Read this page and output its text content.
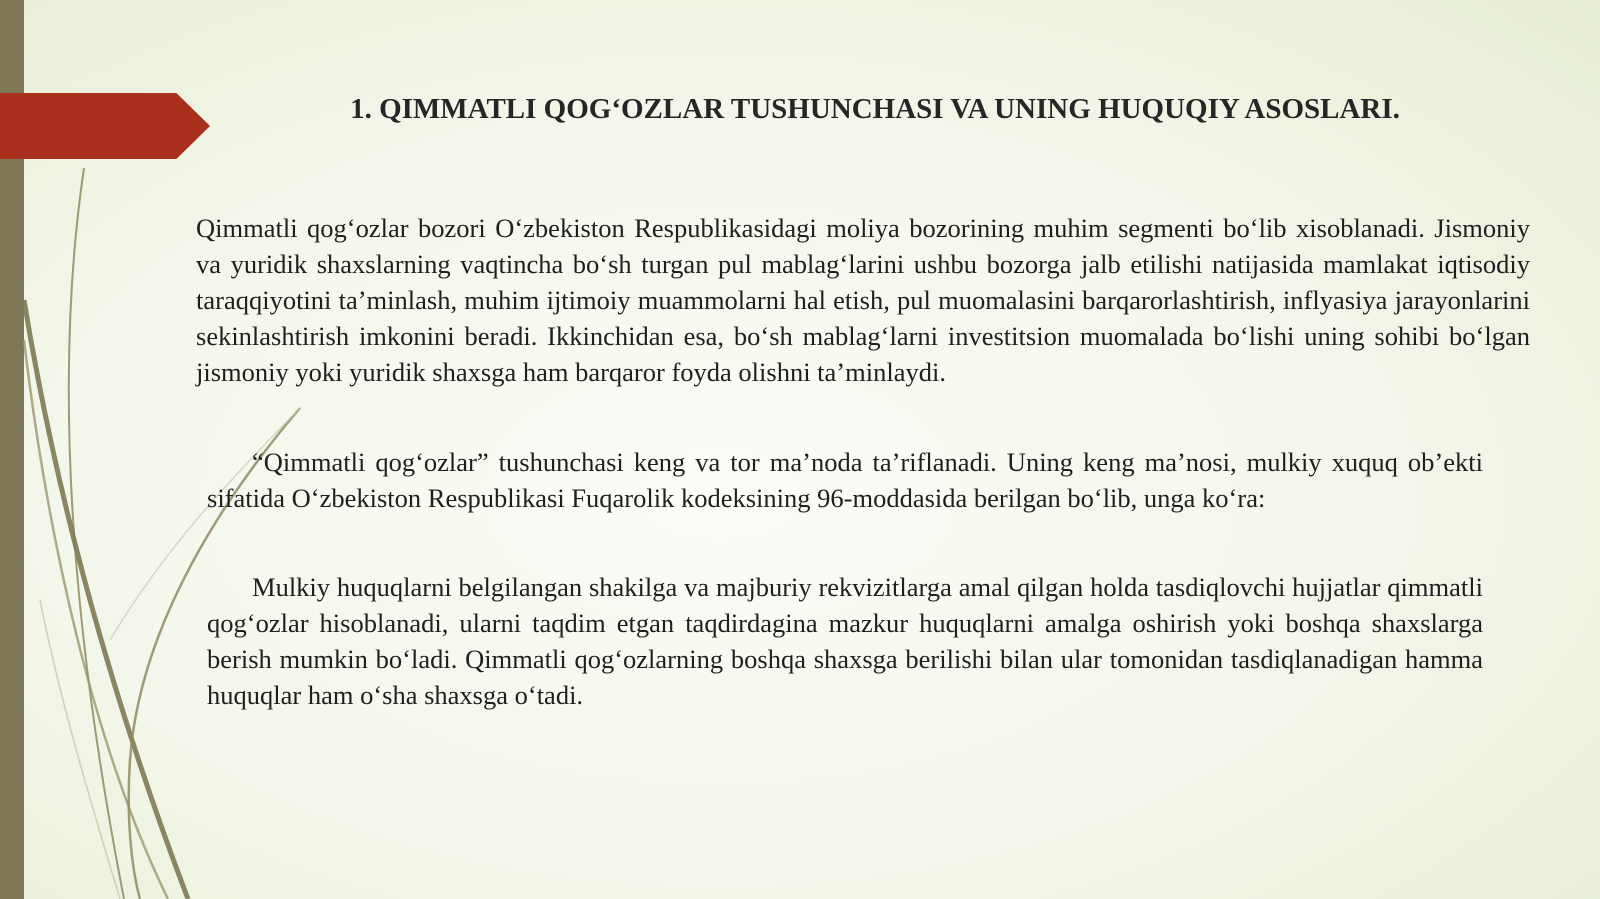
1. QIMMATLI QOG‘OZLAR TUSHUNCHASI VA UNING HUQUQIY ASOSLARI.

Qimmatli qog‘ozlar bozori O‘zbekiston Respublikasidagi moliya bozorining muhim segmenti bo‘lib xisoblanadi. Jismoniy va yuridik shaxslarning vaqtincha bo‘sh turgan pul mablag‘larini ushbu bozorga jalb etilishi natijasida mamlakat iqtisodiy taraqqiyotini ta’minlash, muhim ijtimoiy muammolarni hal etish, pul muomalasini barqarorlashtirish, inflyasiya jarayonlarini sekinlashtirish imkonini beradi. Ikkinchidan esa, bo‘sh mablag‘larni investitsion muomalada bo‘lishi uning sohibi bo‘lgan jismoniy yoki yuridik shaxsga ham barqaror foyda olishni ta’minlaydi.

“Qimmatli qog‘ozlar” tushunchasi keng va tor ma’noda ta’riflanadi. Uning keng ma’nosi, mulkiy xuquq ob’ekti sifatida O‘zbekiston Respublikasi Fuqarolik kodeksining 96-moddasida berilgan bo‘lib, unga ko‘ra:

Mulkiy huquqlarni belgilangan shakilga va majburiy rekvizitlarga amal qilgan holda tasdiqlovchi hujjatlar qimmatli qog‘ozlar hisoblanadi, ularni taqdim etgan taqdirdagina mazkur huquqlarni amalga oshirish yoki boshqa shaxslarga berish mumkin bo‘ladi. Qimmatli qog‘ozlarning boshqa shaxsga berilishi bilan ular tomonidan tasdiqlanadigan hamma huquqlar ham o‘sha shaxsga o‘tadi.
